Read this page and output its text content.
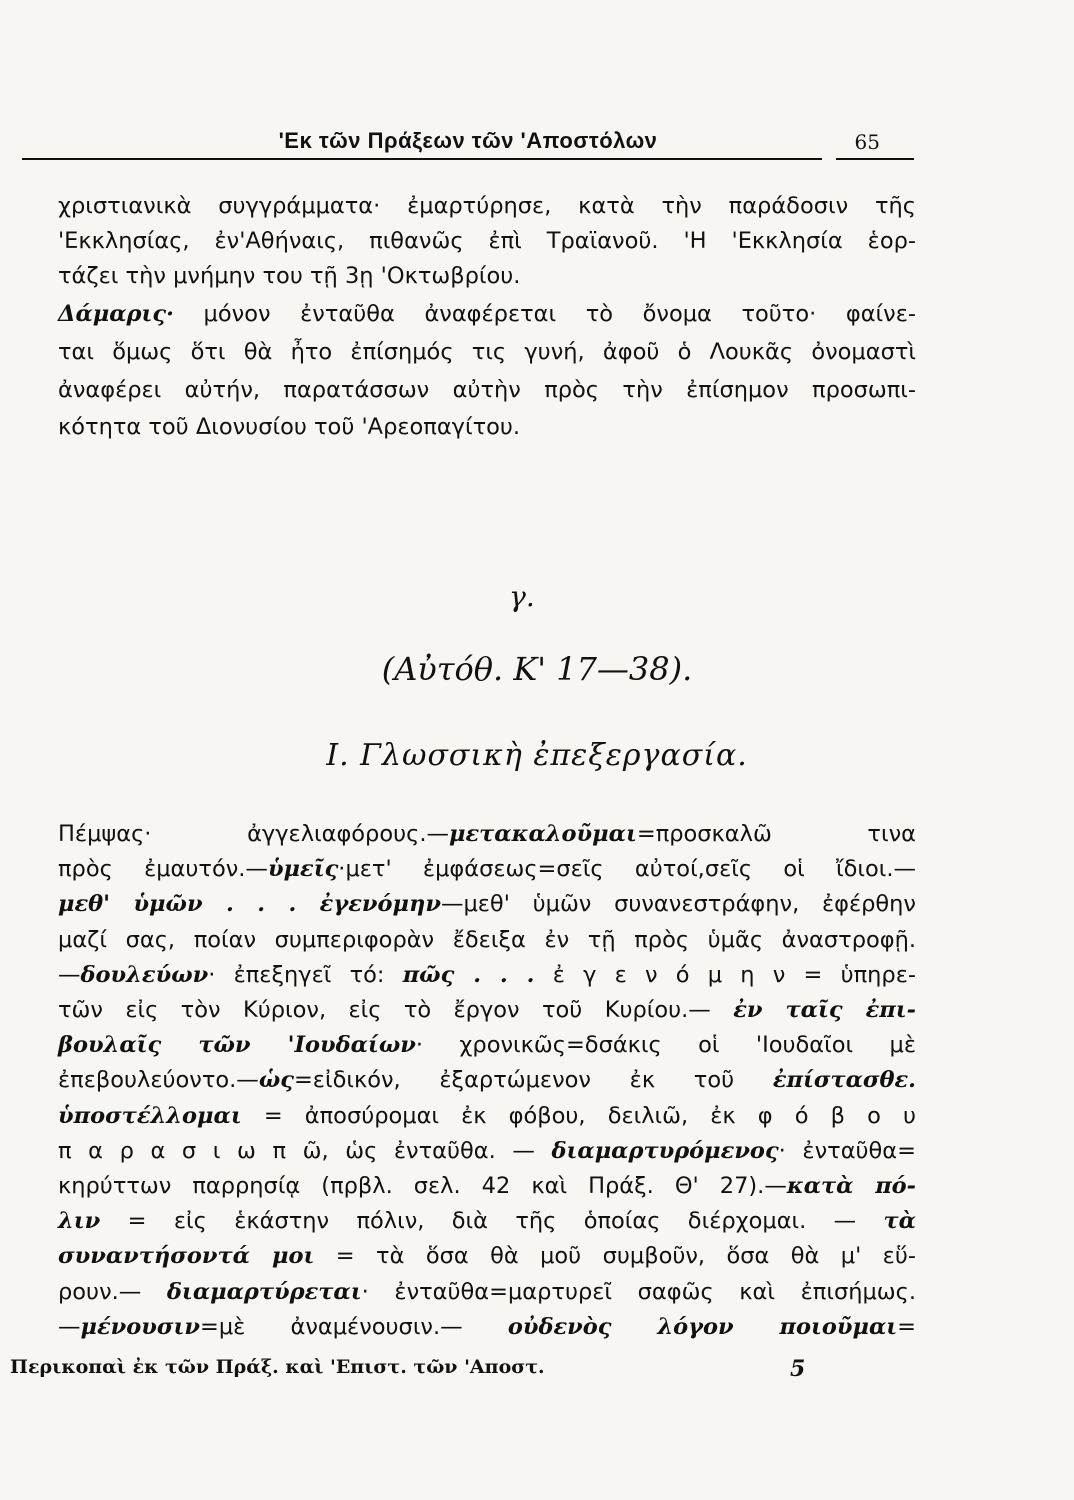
'Εκ τῶν Πράξεων τῶν 'Αποστόλων	65
χριστιανικὰ συγγράμματα· ἐμαρτύρησε, κατὰ τὴν παράδοσιν τῆς
'Εκκλησίας, ἐν'Αθήναις, πιθανῶς ἐπὶ Τραϊανοῦ. 'Η 'Εκκλησία ἑορ-
τάζει τὴν μνήμην του τῇ 3ῃ 'Οκτωβρίου.
Δάμαρις· μόνον ἐνταῦθα ἀναφέρεται τὸ ὄνομα τοῦτο· φαίνε-
ται ὅμως ὅτι θὰ ἦτο ἐπίσημός τις γυνή, ἀφοῦ ὁ Λουκᾶς ὀνομαστὶ
ἀναφέρει αὐτήν, παρατάσσων αὐτὴν πρὸς τὴν ἐπίσημον προσωπι-
κότητα τοῦ Διονυσίου τοῦ 'Αρεοπαγίτου.
γ.
(Αὐτόθ. Κ' 17—38).
Ι. Γλωσσικὴ ἐπεξεργασία.
Πέμψας· ἀγγελιαφόρους.—μετακαλοῦμαι=προσκαλῶ τινα
πρὸς ἐμαυτόν.—ὑμεῖς·μετ' ἐμφάσεως=σεῖς αὐτοί,σεῖς οἱ ἴδιοι.—
μεθ' ὑμῶν . . . ἐγενόμην—μεθ' ὑμῶν συνανεστράφην, ἐφέρθην
μαζί σας, ποίαν συμπεριφορὰν ἔδειξα ἐν τῇ πρὸς ὑμᾶς ἀναστροφῇ.
—δουλεύων· ἐπεξηγεῖ τό: πῶς . . . ἐ γ ε ν ό μ η ν = ὑπηρε-
τῶν εἰς τὸν Κύριον, εἰς τὸ ἔργον τοῦ Κυρίου.— ἐν ταῖς ἐπι-
βουλαῖς τῶν 'Ιουδαίων· χρονικῶς=δσάκις οἱ 'Ιουδαῖοι μὲ
ἐπεβουλεύοντο.—ὡς=εἰδικόν, ἐξαρτώμενον ἐκ τοῦ ἐπίστασθε.
ὑποστέλλομαι = ἀποσύρομαι ἐκ φόβου, δειλιῶ, ἐκ φ ό β ο υ
π α ρ α σ ι ω π ῶ, ὡς ἐνταῦθα. — διαμαρτυρόμενος· ἐνταῦθα=
κηρύττων παρρησίᾳ (πρβλ. σελ. 42 καὶ Πράξ. Θ' 27).—κατὰ πό-
λιν = εἰς ἑκάστην πόλιν, διὰ τῆς ὁποίας διέρχομαι. — τὰ
συναντήσοντά μοι = τὰ ὅσα θὰ μοῦ συμβοῦν, ὅσα θὰ μ' εὕ-
ρουν.— διαμαρτύρεται· ἐνταῦθα=μαρτυρεῖ σαφῶς καὶ ἐπισήμως.
—μένουσιν=μὲ ἀναμένουσιν.— οὐδενὸς λόγον ποιοῦμαι=
Περικοπαὶ ἐκ τῶν Πράξ. καὶ 'Επιστ. τῶν 'Αποστ.	5
